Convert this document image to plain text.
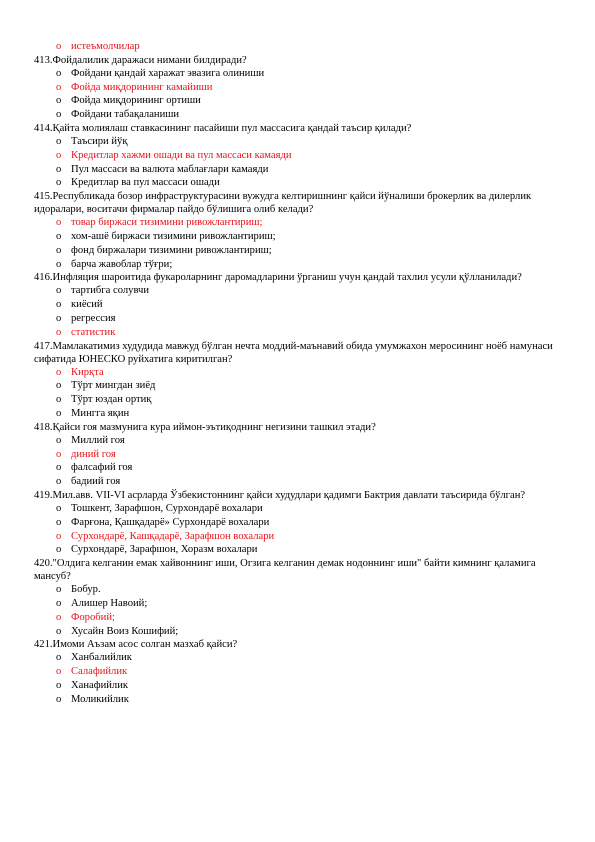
o истеъмолчилар
413.Фойдалилик даражаси нимани билдиради?
o Фойдани қандай харажат эвазига олиниши
o Фойда миқдорининг камайиши
o Фойда миқдорининг ортиши
o Фойдани табақаланиши
414.Қайта молиялаш ставкасининг пасайиши пул массасига қандай таъсир қилади?
o Таъсири йўқ
o Кредитлар хажми ошади ва пул массаси камаяди
o Пул массаси ва валюта маблағлари камаяди
o Кредитлар ва пул массаси ошади
415.Республикада бозор инфраструктурасини вужудга келтиришнинг қайси йўналиши брокерлик ва дилерлик идоралари, воситачи фирмалар пайдо бўлишига олиб келади?
o товар биржаси тизимини ривожлантириш;
o хом-ашё биржаси тизимини ривожлантириш;
o фонд биржалари тизимини ривожлантириш;
o барча жавоблар тўғри;
416.Инфляция шароитида фукароларнинг даромадларини ўрганиш учун қандай тахлил усули қўлланилади?
o тартибга солувчи
o киёсий
o регрессия
o статистик
417.Мамлакатимиз худудида мавжуд бўлган нечта моддий-маънавий обида умумжахон меросининг ноёб намунаси сифатида ЮНЕСКО руйхатига киритилган?
o Кирқта
o Тўрт мингдан зиёд
o Тўрт юздан ортиқ
o Мингга яқин
418.Қайси гоя мазмунига кура иймон-эътиқоднинг негизини ташкил этади?
o Миллий гоя
o диний гоя
o фалсафий гоя
o бадиий гоя
419.Мил.авв. VII-VI асрларда Ўзбекистоннинг қайси худудлари қадимги Бактрия давлати таъсирида бўлган?
o Тошкент, Зарафшон, Сурхондарё вохалари
o Фарғона, Қашқадарё» Сурхондарё вохалари
o Сурхондарё, Кашқадарё, Зарафшон вохалари
o Сурхондарё, Зарафшон, Хоразм вохалари
420."Олдига келганин емак хайвоннинг иши, Огзига келганин демак нодоннинг иши" байти кимнинг қаламига мансуб?
o Бобур.
o Алишер Навоий;
o Форобий;
o Хусайн Воиз Кошифий;
421.Имоми Аъзам асос солган мазхаб қайси?
o Ханбалийлик
o Салафийлик
o Ханафийлик
o Моликийлик
